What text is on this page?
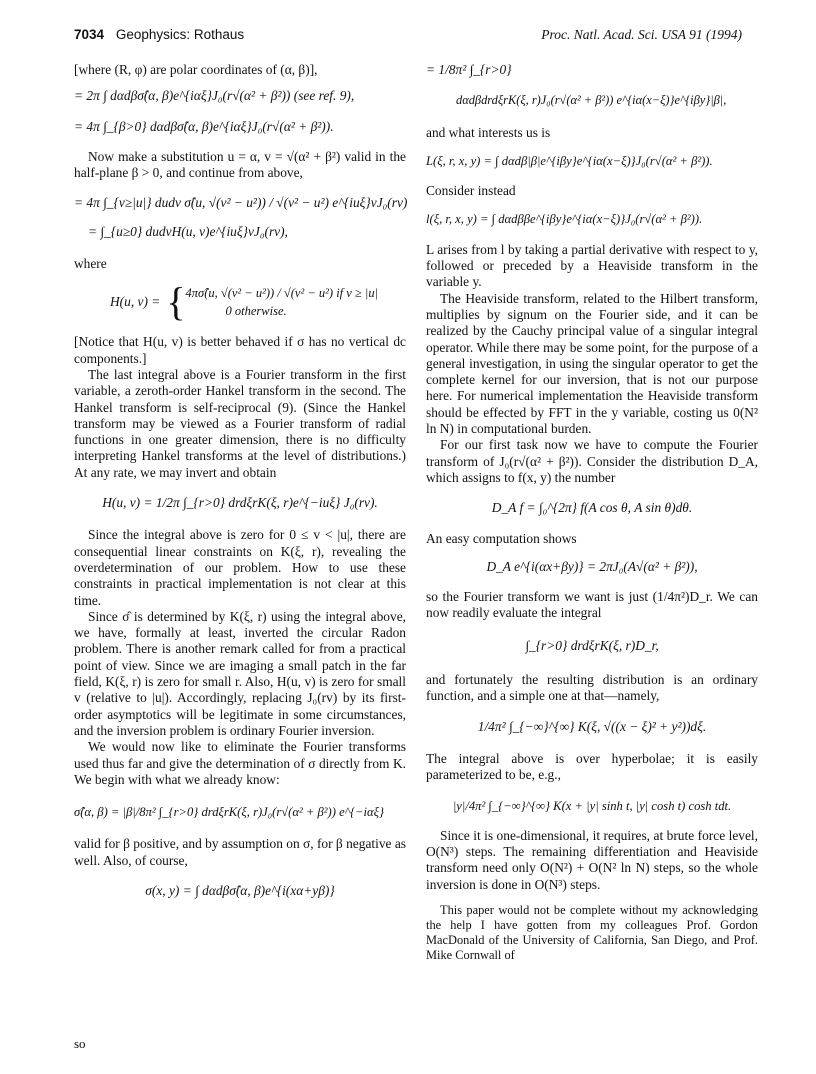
7034 Geophysics: Rothaus	Proc. Natl. Acad. Sci. USA 91 (1994)

[where (R, φ) are polar coordinates of (α, β)],

= 2π ∫ dαdβσ̂(α, β)e^{iαξ}J₀(r√(α² + β²)) (see ref. 9),
= 4π ∫_{β>0} dαdβσ̂(α, β)e^{iαξ}J₀(r√(α² + β²)).

Now make a substitution u = α, v = √(α² + β²) valid in the half-plane β > 0, and continue from above,

= 4π ∫_{v≥|u|} dudv σ̂(u, √(v² − u²)) / √(v² − u²) e^{iuξ}vJ₀(rv)
= ∫_{u≥0} dudvH(u, v)e^{iuξ}vJ₀(rv),

where

H(u, v) = { 4πσ̂(u, √(v² − u²)) / √(v² − u²) if v ≥ |u|
0 otherwise.

[Notice that H(u, v) is better behaved if σ has no vertical dc components.]

The last integral above is a Fourier transform in the first variable, a zeroth-order Hankel transform in the second. The Hankel transform is self-reciprocal (9). (Since the Hankel transform may be viewed as a Fourier transform of radial functions in one greater dimension, there is no difficulty interpreting Hankel transforms at the level of distributions.) At any rate, we may invert and obtain

H(u, v) = 1/2π ∫_{r>0} drdξrK(ξ, r)e^{−iuξ} J₀(rv).

Since the integral above is zero for 0 ≤ v < |u|, there are consequential linear constraints on K(ξ, r), revealing the overdetermination of our problem. How to use these constraints in practical implementation is not clear at this time.

Since σ̂ is determined by K(ξ, r) using the integral above, we have, formally at least, inverted the circular Radon problem. There is another remark called for from a practical point of view. Since we are imaging a small patch in the far field, K(ξ, r) is zero for small r. Also, H(u, v) is zero for small v (relative to |u|). Accordingly, replacing J₀(rv) by its first-order asymptotics will be legitimate in some circumstances, and the inversion problem is ordinary Fourier inversion.

We would now like to eliminate the Fourier transforms used thus far and give the determination of σ directly from K. We begin with what we already know:

σ̂(α, β) = |β|/8π² ∫_{r>0} drdξrK(ξ, r)J₀(r√(α² + β²)) e^{−iαξ}

valid for β positive, and by assumption on σ, for β negative as well. Also, of course,

σ(x, y) = ∫ dαdβσ̂(α, β)e^{i(xα+yβ)}
so
= 1/8π² ∫_{r>0}
dαdβdrdξrK(ξ, r)J₀(r√(α² + β²)) e^{iα(x−ξ)}e^{iβy}|β|,

and what interests us is

L(ξ, r, x, y) = ∫ dαdβ|β|e^{iβy}e^{iα(x−ξ)}J₀(r√(α² + β²)).

Consider instead

l(ξ, r, x, y) = ∫ dαdββe^{iβy}e^{iα(x−ξ)}J₀(r√(α² + β²)).

L arises from l by taking a partial derivative with respect to y, followed or preceded by a Heaviside transform in the variable y.

The Heaviside transform, related to the Hilbert transform, multiplies by signum on the Fourier side, and it can be realized by the Cauchy principal value of a singular integral operator. While there may be some point, for the purpose of a general investigation, in using the singular operator to get the complete kernel for our inversion, that is not our purpose here. For numerical implementation the Heaviside transform should be effected by FFT in the y variable, costing us 0(N² ln N) in computational burden.

For our first task now we have to compute the Fourier transform of J₀(r√(α² + β²)). Consider the distribution D_A, which assigns to f(x, y) the number

D_A f = ∫₀^{2π} f(A cos θ, A sin θ)dθ.

An easy computation shows

D_A e^{i(αx+βy)} = 2πJ₀(A√(α² + β²)),

so the Fourier transform we want is just (1/4π²)D_r. We can now readily evaluate the integral

∫_{r>0} drdξrK(ξ, r)D_r,

and fortunately the resulting distribution is an ordinary function, and a simple one at that—namely,

1/4π² ∫_{−∞}^{∞} K(ξ, √((x − ξ)² + y²))dξ.

The integral above is over hyperbolae; it is easily parameterized to be, e.g.,

|y|/4π² ∫_{−∞}^{∞} K(x + |y| sinh t, |y| cosh t) cosh tdt.

Since it is one-dimensional, it requires, at brute force level, O(N³) steps. The remaining differentiation and Heaviside transform need only O(N²) + O(N² ln N) steps, so the whole inversion is done in O(N³) steps.

This paper would not be complete without my acknowledging the help I have gotten from my colleagues Prof. Gordon MacDonald of the University of California, San Diego, and Prof. Mike Cornwall of
